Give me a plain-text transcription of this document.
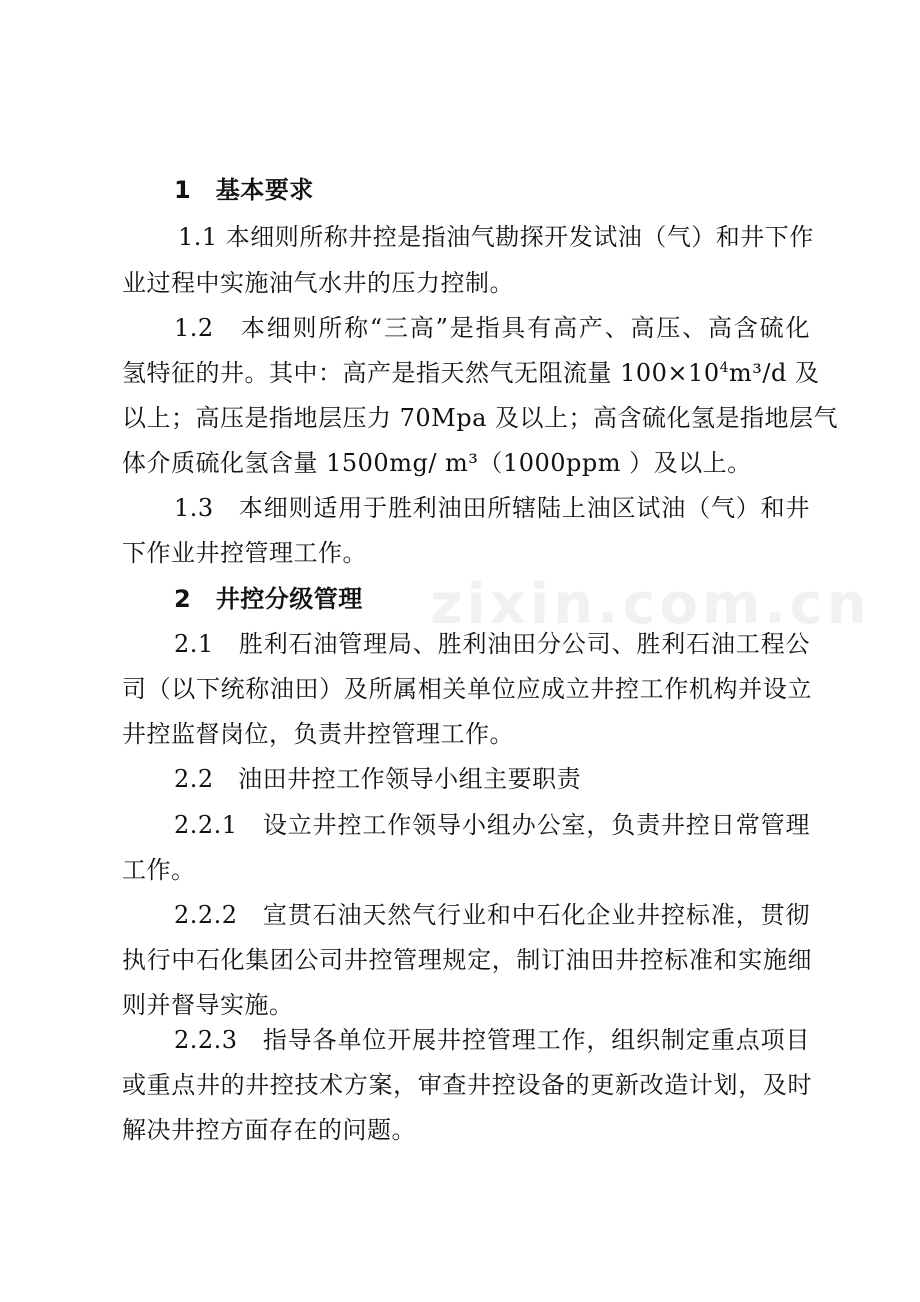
zixin.com.cn
1　基本要求
1.1 本细则所称井控是指油气勘探开发试油（气）和井下作
业过程中实施油气水井的压力控制。
1.2　本细则所称“三高”是指具有高产、高压、高含硫化
氢特征的井。其中：高产是指天然气无阻流量 $100\times 10^4m^3/d$ 及
以上；高压是指地层压力 70Mpa 及以上；高含硫化氢是指地层气
体介质硫化氢含量 1500mg/ m³（1000ppm ）及以上。
1.3　本细则适用于胜利油田所辖陆上油区试油（气）和井
下作业井控管理工作。
2　井控分级管理
2.1　胜利石油管理局、胜利油田分公司、胜利石油工程公
司（以下统称油田）及所属相关单位应成立井控工作机构并设立
井控监督岗位，负责井控管理工作。
2.2　油田井控工作领导小组主要职责
2.2.1　设立井控工作领导小组办公室，负责井控日常管理
工作。
2.2.2　宣贯石油天然气行业和中石化企业井控标准，贯彻
执行中石化集团公司井控管理规定，制订油田井控标准和实施细
则并督导实施。
2.2.3　指导各单位开展井控管理工作，组织制定重点项目
或重点井的井控技术方案，审查井控设备的更新改造计划，及时
解决井控方面存在的问题。
